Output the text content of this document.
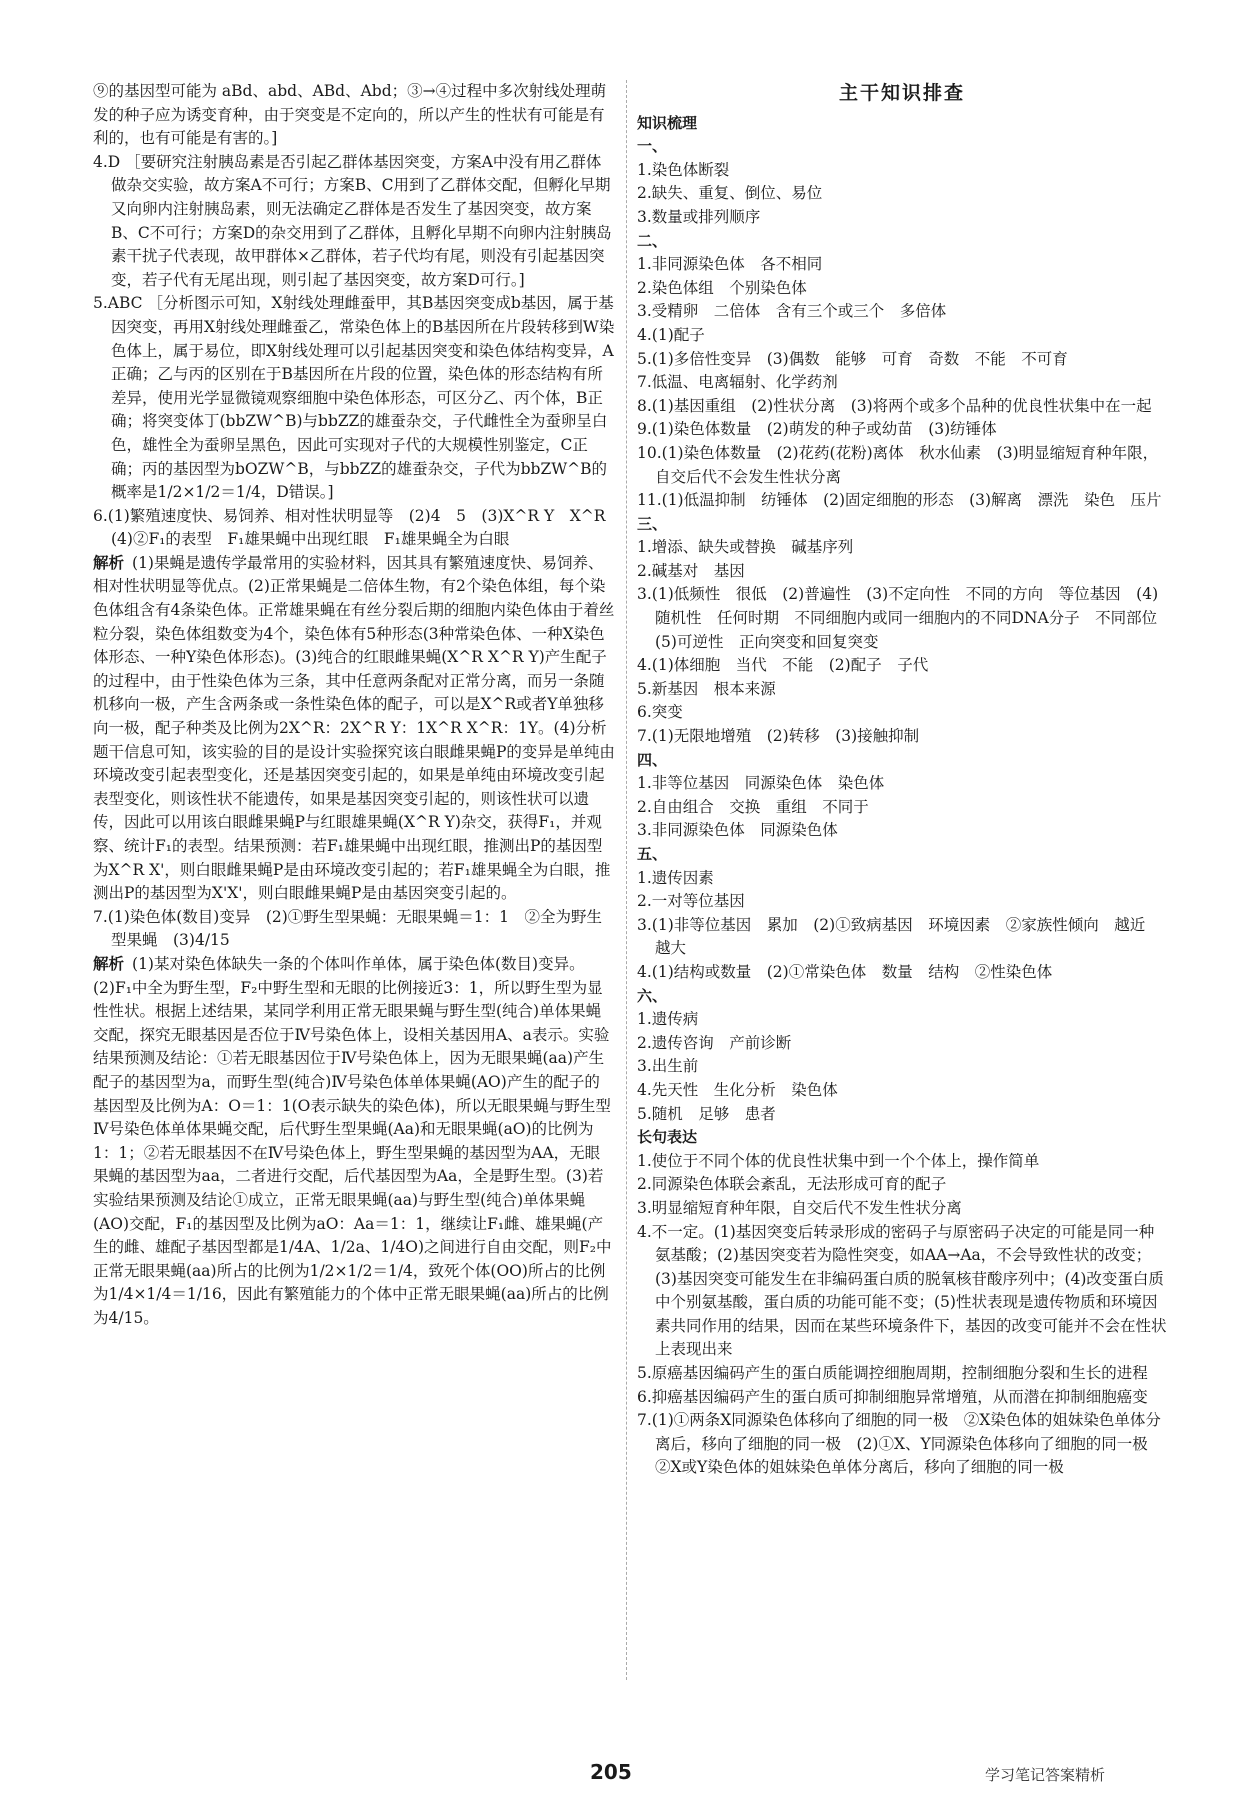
⑨的基因型可能为 aBd、abd、ABd、Abd；③→④过程中多次射线处理萌发的种子应为诱变育种，由于突变是不定向的，所以产生的性状有可能是有利的，也有可能是有害的。]
4.D ［要研究注射胰岛素是否引起乙群体基因突变，方案A中没有用乙群体做杂交实验，故方案A不可行；方案B、C用到了乙群体交配，但孵化早期又向卵内注射胰岛素，则无法确定乙群体是否发生了基因突变，故方案B、C不可行；方案D的杂交用到了乙群体，且孵化早期不向卵内注射胰岛素干扰子代表现，故甲群体×乙群体，若子代均有尾，则没有引起基因突变，若子代有无尾出现，则引起了基因突变，故方案D可行。]
5.ABC ［分析图示可知，X射线处理雌蚕甲，其B基因突变成b基因，属于基因突变，再用X射线处理雌蚕乙，常染色体上的B基因所在片段转移到W染色体上，属于易位，即X射线处理可以引起基因突变和染色体结构变异，A正确；乙与丙的区别在于B基因所在片段的位置，染色体的形态结构有所差异，使用光学显微镜观察细胞中染色体形态，可区分乙、丙个体，B正确；将突变体丁(bbZW^B)与bbZZ的雄蚕杂交，子代雌性全为蚕卵呈白色，雄性全为蚕卵呈黑色，因此可实现对子代的大规模性别鉴定，C正确；丙的基因型为bOZW^B，与bbZZ的雄蚕杂交，子代为bbZW^B的概率是1/2×1/2＝1/4，D错误。]
6.(1)繁殖速度快、易饲养、相对性状明显等　(2)4　5　(3)X^R Y　X^R　(4)②F₁的表型　F₁雄果蝇中出现红眼　F₁雄果蝇全为白眼
解析 (1)果蝇是遗传学最常用的实验材料，因其具有繁殖速度快、易饲养、相对性状明显等优点。(2)正常果蝇是二倍体生物，有2个染色体组，每个染色体组含有4条染色体。正常雄果蝇在有丝分裂后期的细胞内染色体由于着丝粒分裂，染色体组数变为4个，染色体有5种形态(3种常染色体、一种X染色体形态、一种Y染色体形态)。(3)纯合的红眼雌果蝇(X^R X^R Y)产生配子的过程中，由于性染色体为三条，其中任意两条配对正常分离，而另一条随机移向一极，产生含两条或一条性染色体的配子，可以是X^R或者Y单独移向一极，配子种类及比例为2X^R：2X^R Y：1X^R X^R：1Y。(4)分析题干信息可知，该实验的目的是设计实验探究该白眼雌果蝇P的变异是单纯由环境改变引起表型变化，还是基因突变引起的，如果是单纯由环境改变引起表型变化，则该性状不能遗传，如果是基因突变引起的，则该性状可以遗传，因此可以用该白眼雌果蝇P与红眼雄果蝇(X^R Y)杂交，获得F₁，并观察、统计F₁的表型。结果预测：若F₁雄果蝇中出现红眼，推测出P的基因型为X^R X'，则白眼雌果蝇P是由环境改变引起的；若F₁雄果蝇全为白眼，推测出P的基因型为X'X'，则白眼雌果蝇P是由基因突变引起的。
7.(1)染色体(数目)变异　(2)①野生型果蝇：无眼果蝇＝1：1　②全为野生型果蝇　(3)4/15
解析 (1)某对染色体缺失一条的个体叫作单体，属于染色体(数目)变异。(2)F₁中全为野生型，F₂中野生型和无眼的比例接近3：1，所以野生型为显性性状。根据上述结果，某同学利用正常无眼果蝇与野生型(纯合)单体果蝇交配，探究无眼基因是否位于Ⅳ号染色体上，设相关基因用A、a表示。实验结果预测及结论：①若无眼基因位于Ⅳ号染色体上，因为无眼果蝇(aa)产生配子的基因型为a，而野生型(纯合)Ⅳ号染色体单体果蝇(AO)产生的配子的基因型及比例为A：O＝1：1(O表示缺失的染色体)，所以无眼果蝇与野生型Ⅳ号染色体单体果蝇交配，后代野生型果蝇(Aa)和无眼果蝇(aO)的比例为1：1；②若无眼基因不在Ⅳ号染色体上，野生型果蝇的基因型为AA，无眼果蝇的基因型为aa，二者进行交配，后代基因型为Aa，全是野生型。(3)若实验结果预测及结论①成立，正常无眼果蝇(aa)与野生型(纯合)单体果蝇(AO)交配，F₁的基因型及比例为aO：Aa＝1：1，继续让F₁雌、雄果蝇(产生的雌、雄配子基因型都是1/4A、1/2a、1/4O)之间进行自由交配，则F₂中正常无眼果蝇(aa)所占的比例为1/2×1/2＝1/4，致死个体(OO)所占的比例为1/4×1/4＝1/16，因此有繁殖能力的个体中正常无眼果蝇(aa)所占的比例为4/15。
主干知识排查
知识梳理
一、
1.染色体断裂
2.缺失、重复、倒位、易位
3.数量或排列顺序
二、
1.非同源染色体　各不相同
2.染色体组　个别染色体
3.受精卵　二倍体　含有三个或三个　多倍体
4.(1)配子
5.(1)多倍性变异　(3)偶数　能够　可育　奇数　不能　不可育
7.低温、电离辐射、化学药剂
8.(1)基因重组　(2)性状分离　(3)将两个或多个品种的优良性状集中在一起
9.(1)染色体数量　(2)萌发的种子或幼苗　(3)纺锤体
10.(1)染色体数量　(2)花药(花粉)离体　秋水仙素　(3)明显缩短育种年限，自交后代不会发生性状分离
11.(1)低温抑制　纺锤体　(2)固定细胞的形态　(3)解离　漂洗　染色　压片
三、
1.增添、缺失或替换　碱基序列
2.碱基对　基因
3.(1)低频性　很低　(2)普遍性　(3)不定向性　不同的方向　等位基因　(4)随机性　任何时期　不同细胞内或同一细胞内的不同DNA分子　不同部位　(5)可逆性　正向突变和回复突变
4.(1)体细胞　当代　不能　(2)配子　子代
5.新基因　根本来源
6.突变
7.(1)无限地增殖　(2)转移　(3)接触抑制
四、
1.非等位基因　同源染色体　染色体
2.自由组合　交换　重组　不同于
3.非同源染色体　同源染色体
五、
1.遗传因素
2.一对等位基因
3.(1)非等位基因　累加　(2)①致病基因　环境因素　②家族性倾向　越近　越大
4.(1)结构或数量　(2)①常染色体　数量　结构　②性染色体
六、
1.遗传病
2.遗传咨询　产前诊断
3.出生前
4.先天性　生化分析　染色体
5.随机　足够　患者
长句表达
1.使位于不同个体的优良性状集中到一个个体上，操作简单
2.同源染色体联会紊乱，无法形成可育的配子
3.明显缩短育种年限，自交后代不发生性状分离
4.不一定。(1)基因突变后转录形成的密码子与原密码子决定的可能是同一种氨基酸；(2)基因突变若为隐性突变，如AA→Aa，不会导致性状的改变；(3)基因突变可能发生在非编码蛋白质的脱氧核苷酸序列中；(4)改变蛋白质中个别氨基酸，蛋白质的功能可能不变；(5)性状表现是遗传物质和环境因素共同作用的结果，因而在某些环境条件下，基因的改变可能并不会在性状上表现出来
5.原癌基因编码产生的蛋白质能调控细胞周期，控制细胞分裂和生长的进程
6.抑癌基因编码产生的蛋白质可抑制细胞异常增殖，从而潜在抑制细胞癌变
7.(1)①两条X同源染色体移向了细胞的同一极　②X染色体的姐妹染色单体分离后，移向了细胞的同一极　(2)①X、Y同源染色体移向了细胞的同一极　②X或Y染色体的姐妹染色单体分离后，移向了细胞的同一极
205	学习笔记答案精析
